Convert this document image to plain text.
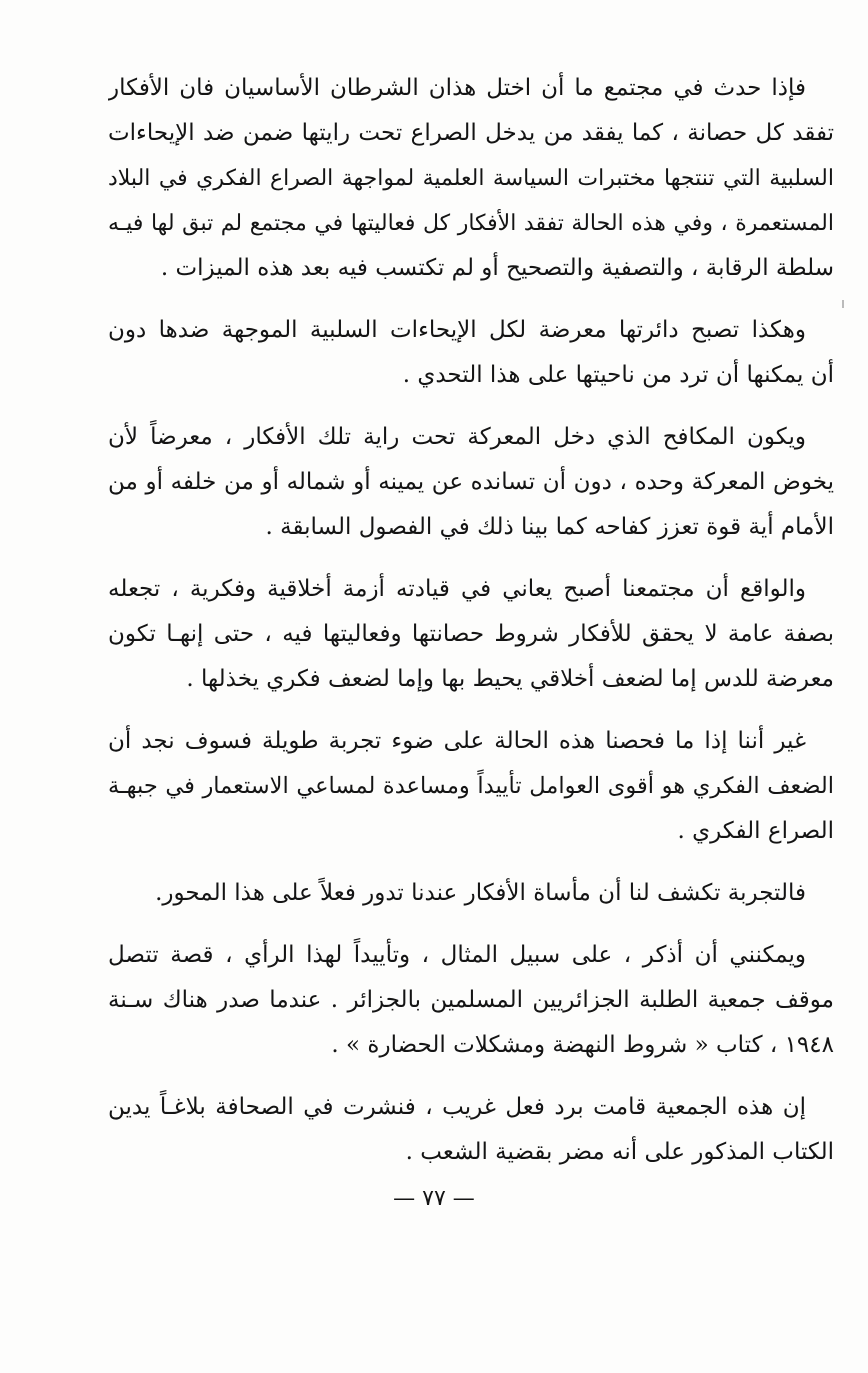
فإذا حدث في مجتمع ما أن اختل هذان الشرطان الأساسيان فان الأفكار
تفقد كل حصانة ، كما يفقد من يدخل الصراع تحت رايتها ضمن ضد الإيحاءات
السلبية التي تنتجها مختبرات السياسة العلمية لمواجهة الصراع الفكري في البلاد
المستعمرة ، وفي هذه الحالة تفقد الأفكار كل فعاليتها في مجتمع لم تبق لها فيـه
سلطة الرقابة ، والتصفية والتصحيح أو لم تكتسب فيه بعد هذه الميزات .

وهكذا تصبح دائرتها معرضة لكل الإيحاءات السلبية الموجهة ضدها دون
أن يمكنها أن ترد من ناحيتها على هذا التحدي .

ويكون المكافح الذي دخل المعركة تحت راية تلك الأفكار ، معرضاً لأن
يخوض المعركة وحده ، دون أن تسانده عن يمينه أو شماله أو من خلفه أو من
الأمام أية قوة تعزز كفاحه كما بينا ذلك في الفصول السابقة .

والواقع أن مجتمعنا أصبح يعاني في قيادته أزمة أخلاقية وفكرية ، تجعله
بصفة عامة لا يحقق للأفكار شروط حصانتها وفعاليتها فيه ، حتى إنهـا تكون
معرضة للدس إما لضعف أخلاقي يحيط بها وإما لضعف فكري يخذلها .

غير أننا إذا ما فحصنا هذه الحالة على ضوء تجربة طويلة فسوف نجد أن
الضعف الفكري هو أقوى العوامل تأييداً ومساعدة لمساعي الاستعمار في جبهـة
الصراع الفكري .

فالتجربة تكشف لنا أن مأساة الأفكار عندنا تدور فعلاً على هذا المحور.

ويمكنني أن أذكر ، على سبيل المثال ، وتأييداً لهذا الرأي ، قصة تتصل
موقف جمعية الطلبة الجزائريين المسلمين بالجزائر . عندما صدر هناك سـنة
١٩٤٨ ، كتاب « شروط النهضة ومشكلات الحضارة » .

إن هذه الجمعية قامت برد فعل غريب ، فنشرت في الصحافة بلاغـاً يدين
الكتاب المذكور على أنه مضر بقضية الشعب .

— ٧٧ —
